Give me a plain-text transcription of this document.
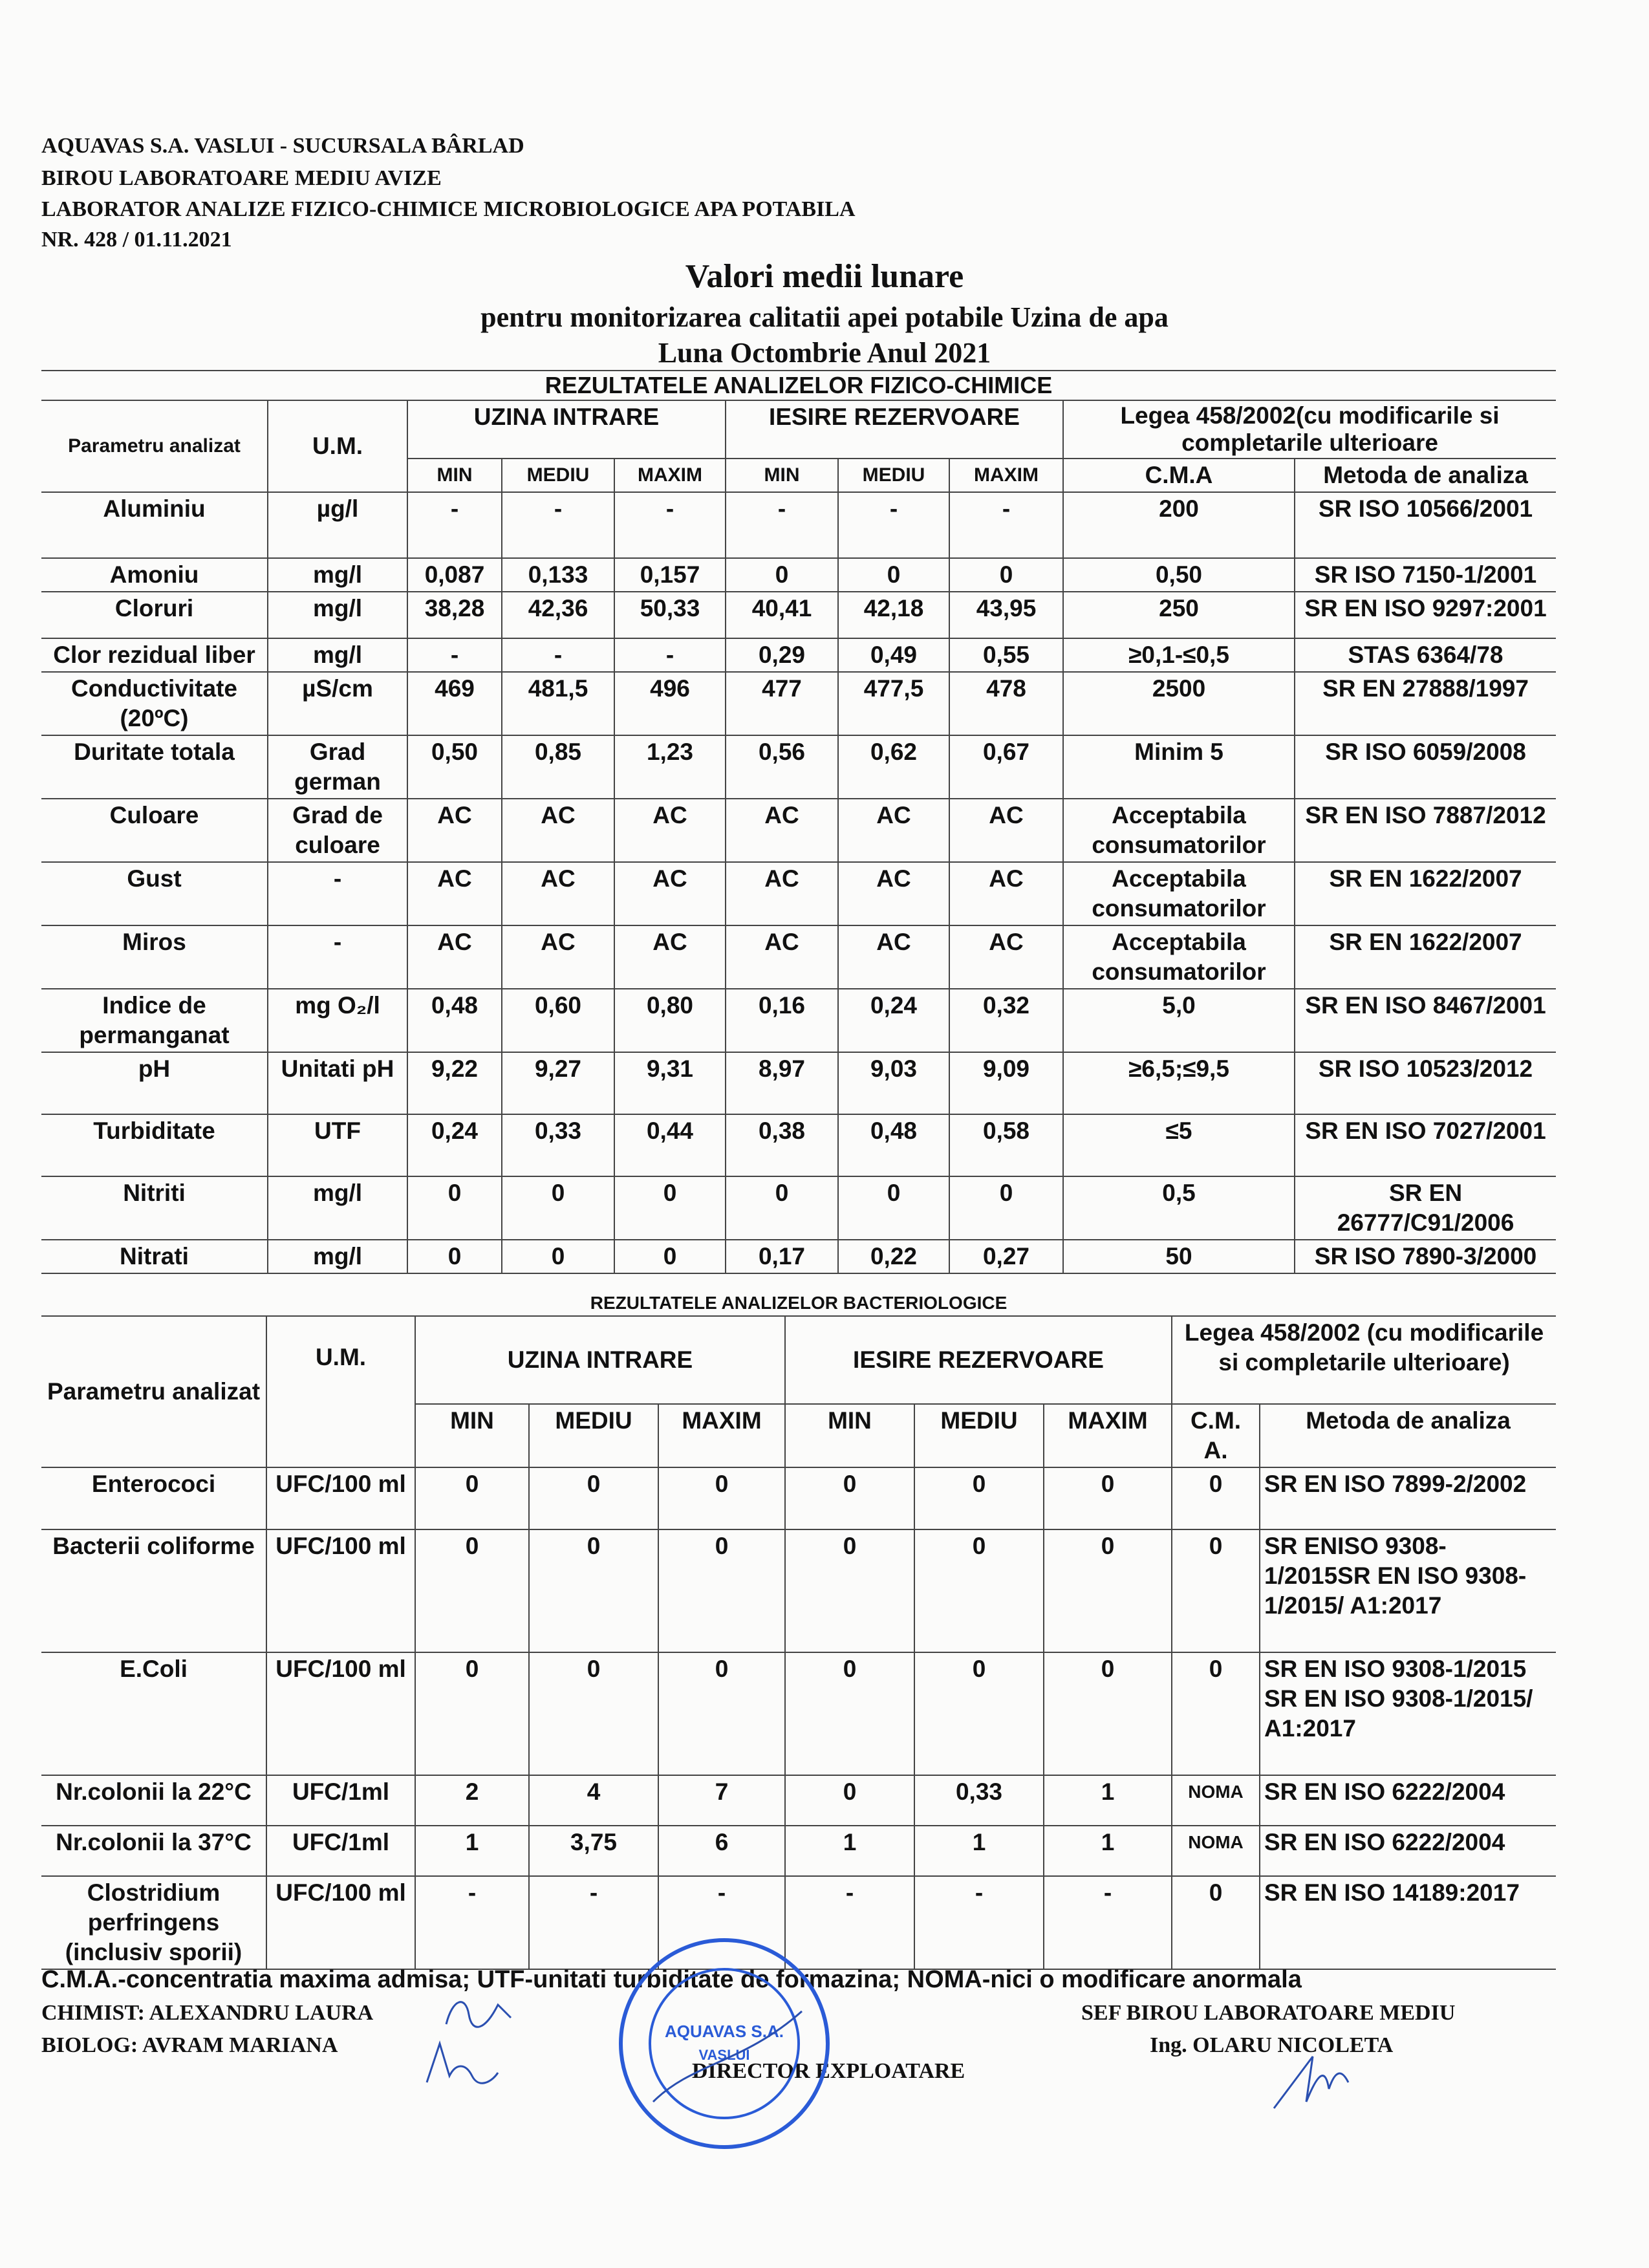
AQUAVAS S.A. VASLUI - SUCURSALA BÂRLAD
BIROU LABORATOARE MEDIU AVIZE
LABORATOR ANALIZE FIZICO-CHIMICE MICROBIOLOGICE APA POTABILA
NR. 428 / 01.11.2021
Valori medii lunare
pentru monitorizarea calitatii apei potabile Uzina de apa
Luna Octombrie Anul 2021
REZULTATELE ANALIZELOR FIZICO-CHIMICE									
Parametru analizat	U.M.	UZINA INTRARE			IESIRE REZERVOARE			Legea 458/2002(cu modificarile si completarile ulterioare	
		MIN	MEDIU	MAXIM	MIN	MEDIU	MAXIM	C.M.A	Metoda de analiza
Aluminiu	µg/l	-	-	-	-	-	-	200	SR ISO 10566/2001
Amoniu	mg/l	0,087	0,133	0,157	0	0	0	0,50	SR ISO 7150-1/2001
Cloruri	mg/l	38,28	42,36	50,33	40,41	42,18	43,95	250	SR EN ISO 9297:2001
Clor rezidual liber	mg/l	-	-	-	0,29	0,49	0,55	≥0,1-≤0,5	STAS 6364/78
Conductivitate (20ºC)	µS/cm	469	481,5	496	477	477,5	478	2500	SR EN 27888/1997
Duritate totala	Grad german	0,50	0,85	1,23	0,56	0,62	0,67	Minim 5	SR ISO 6059/2008
Culoare	Grad de culoare	AC	AC	AC	AC	AC	AC	Acceptabila consumatorilor	SR EN ISO 7887/2012
Gust	-	AC	AC	AC	AC	AC	AC	Acceptabila consumatorilor	SR EN 1622/2007
Miros	-	AC	AC	AC	AC	AC	AC	Acceptabila consumatorilor	SR EN 1622/2007
Indice de permanganat	mg O₂/l	0,48	0,60	0,80	0,16	0,24	0,32	5,0	SR EN ISO 8467/2001
pH	Unitati pH	9,22	9,27	9,31	8,97	9,03	9,09	≥6,5;≤9,5	SR ISO 10523/2012
Turbiditate	UTF	0,24	0,33	0,44	0,38	0,48	0,58	≤5	SR EN ISO 7027/2001
Nitriti	mg/l	0	0	0	0	0	0	0,5	SR EN 26777/C91/2006
Nitrati	mg/l	0	0	0	0,17	0,22	0,27	50	SR ISO 7890-3/2000
REZULTATELE ANALIZELOR BACTERIOLOGICE									
Parametru analizat	U.M.	UZINA INTRARE			IESIRE REZERVOARE			Legea 458/2002 (cu modificarile si completarile ulterioare)	
		MIN	MEDIU	MAXIM	MIN	MEDIU	MAXIM	C.M. A.	Metoda de analiza
Enterococi	UFC/100 ml	0	0	0	0	0	0	0	SR EN ISO 7899-2/2002
Bacterii coliforme	UFC/100 ml	0	0	0	0	0	0	0	SR ENISO 9308-1/2015SR EN ISO 9308-1/2015/ A1:2017
E.Coli	UFC/100 ml	0	0	0	0	0	0	0	SR EN ISO 9308-1/2015 SR EN ISO 9308-1/2015/ A1:2017
Nr.colonii la 22°C	UFC/1ml	2	4	7	0	0,33	1	NOMA	SR EN ISO 6222/2004
Nr.colonii la 37°C	UFC/1ml	1	3,75	6	1	1	1	NOMA	SR EN ISO 6222/2004
Clostridium perfringens (inclusiv sporii)	UFC/100 ml	-	-	-	-	-	-	0	SR EN ISO 14189:2017
C.M.A.-concentratia maxima admisa; UTF-unitati turbiditate de formazina; NOMA-nici o modificare anormala
CHIMIST: ALEXANDRU LAURA
BIOLOG: AVRAM MARIANA
DIRECTOR EXPLOATARE
SEF BIROU LABORATOARE MEDIU
Ing. OLARU NICOLETA
AQUAVAS S.A.
VASLUI
